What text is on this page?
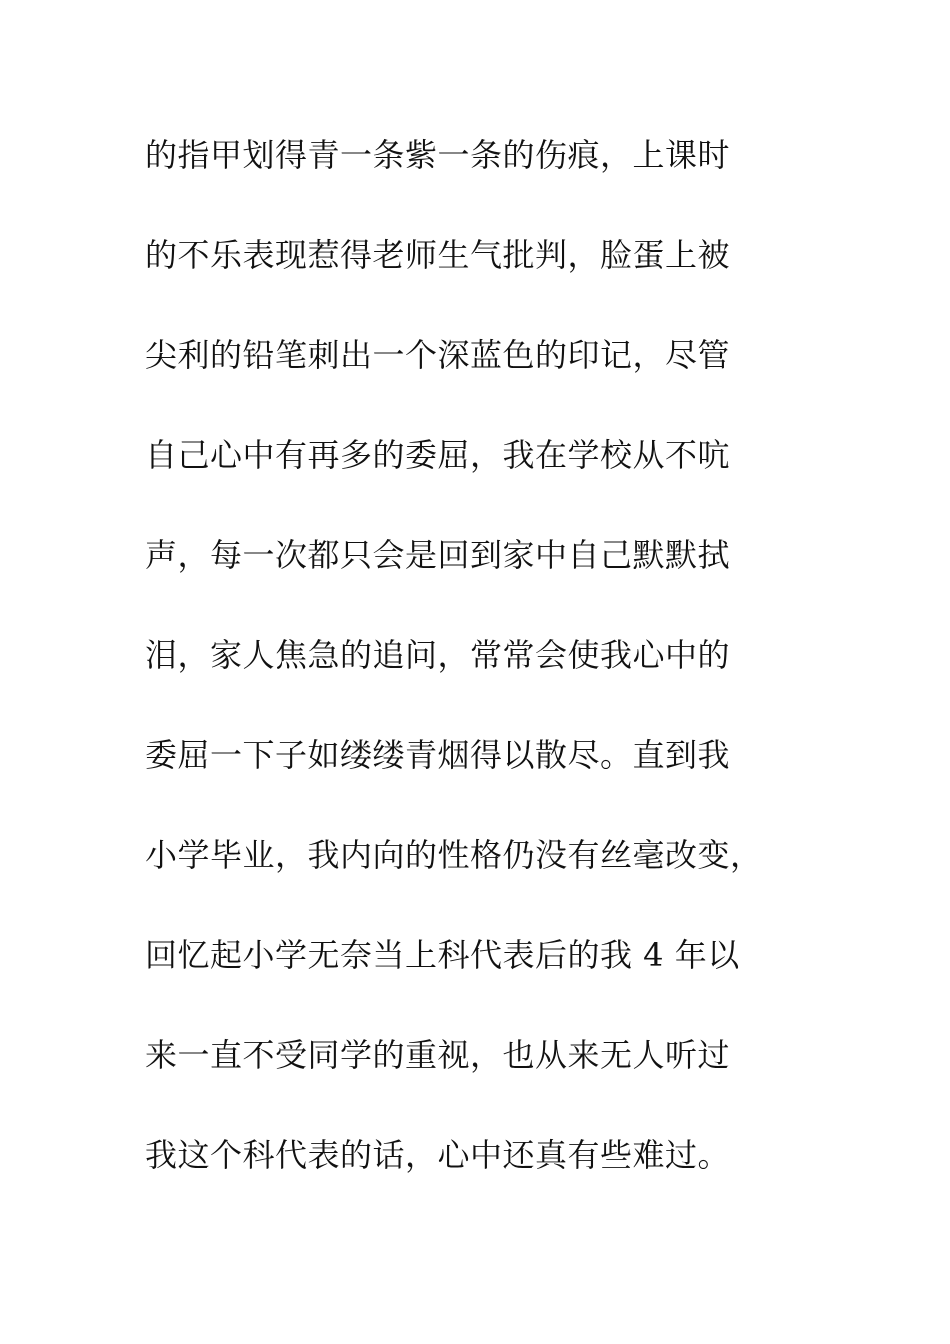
的指甲划得青一条紫一条的伤痕，上课时
的不乐表现惹得老师生气批判，脸蛋上被
尖利的铅笔刺出一个深蓝色的印记，尽管
自己心中有再多的委屈，我在学校从不吭
声，每一次都只会是回到家中自己默默拭
泪，家人焦急的追问，常常会使我心中的
委屈一下子如缕缕青烟得以散尽。直到我
小学毕业，我内向的性格仍没有丝毫改变，
回忆起小学无奈当上科代表后的我 4 年以
来一直不受同学的重视，也从来无人听过
我这个科代表的话，心中还真有些难过。
